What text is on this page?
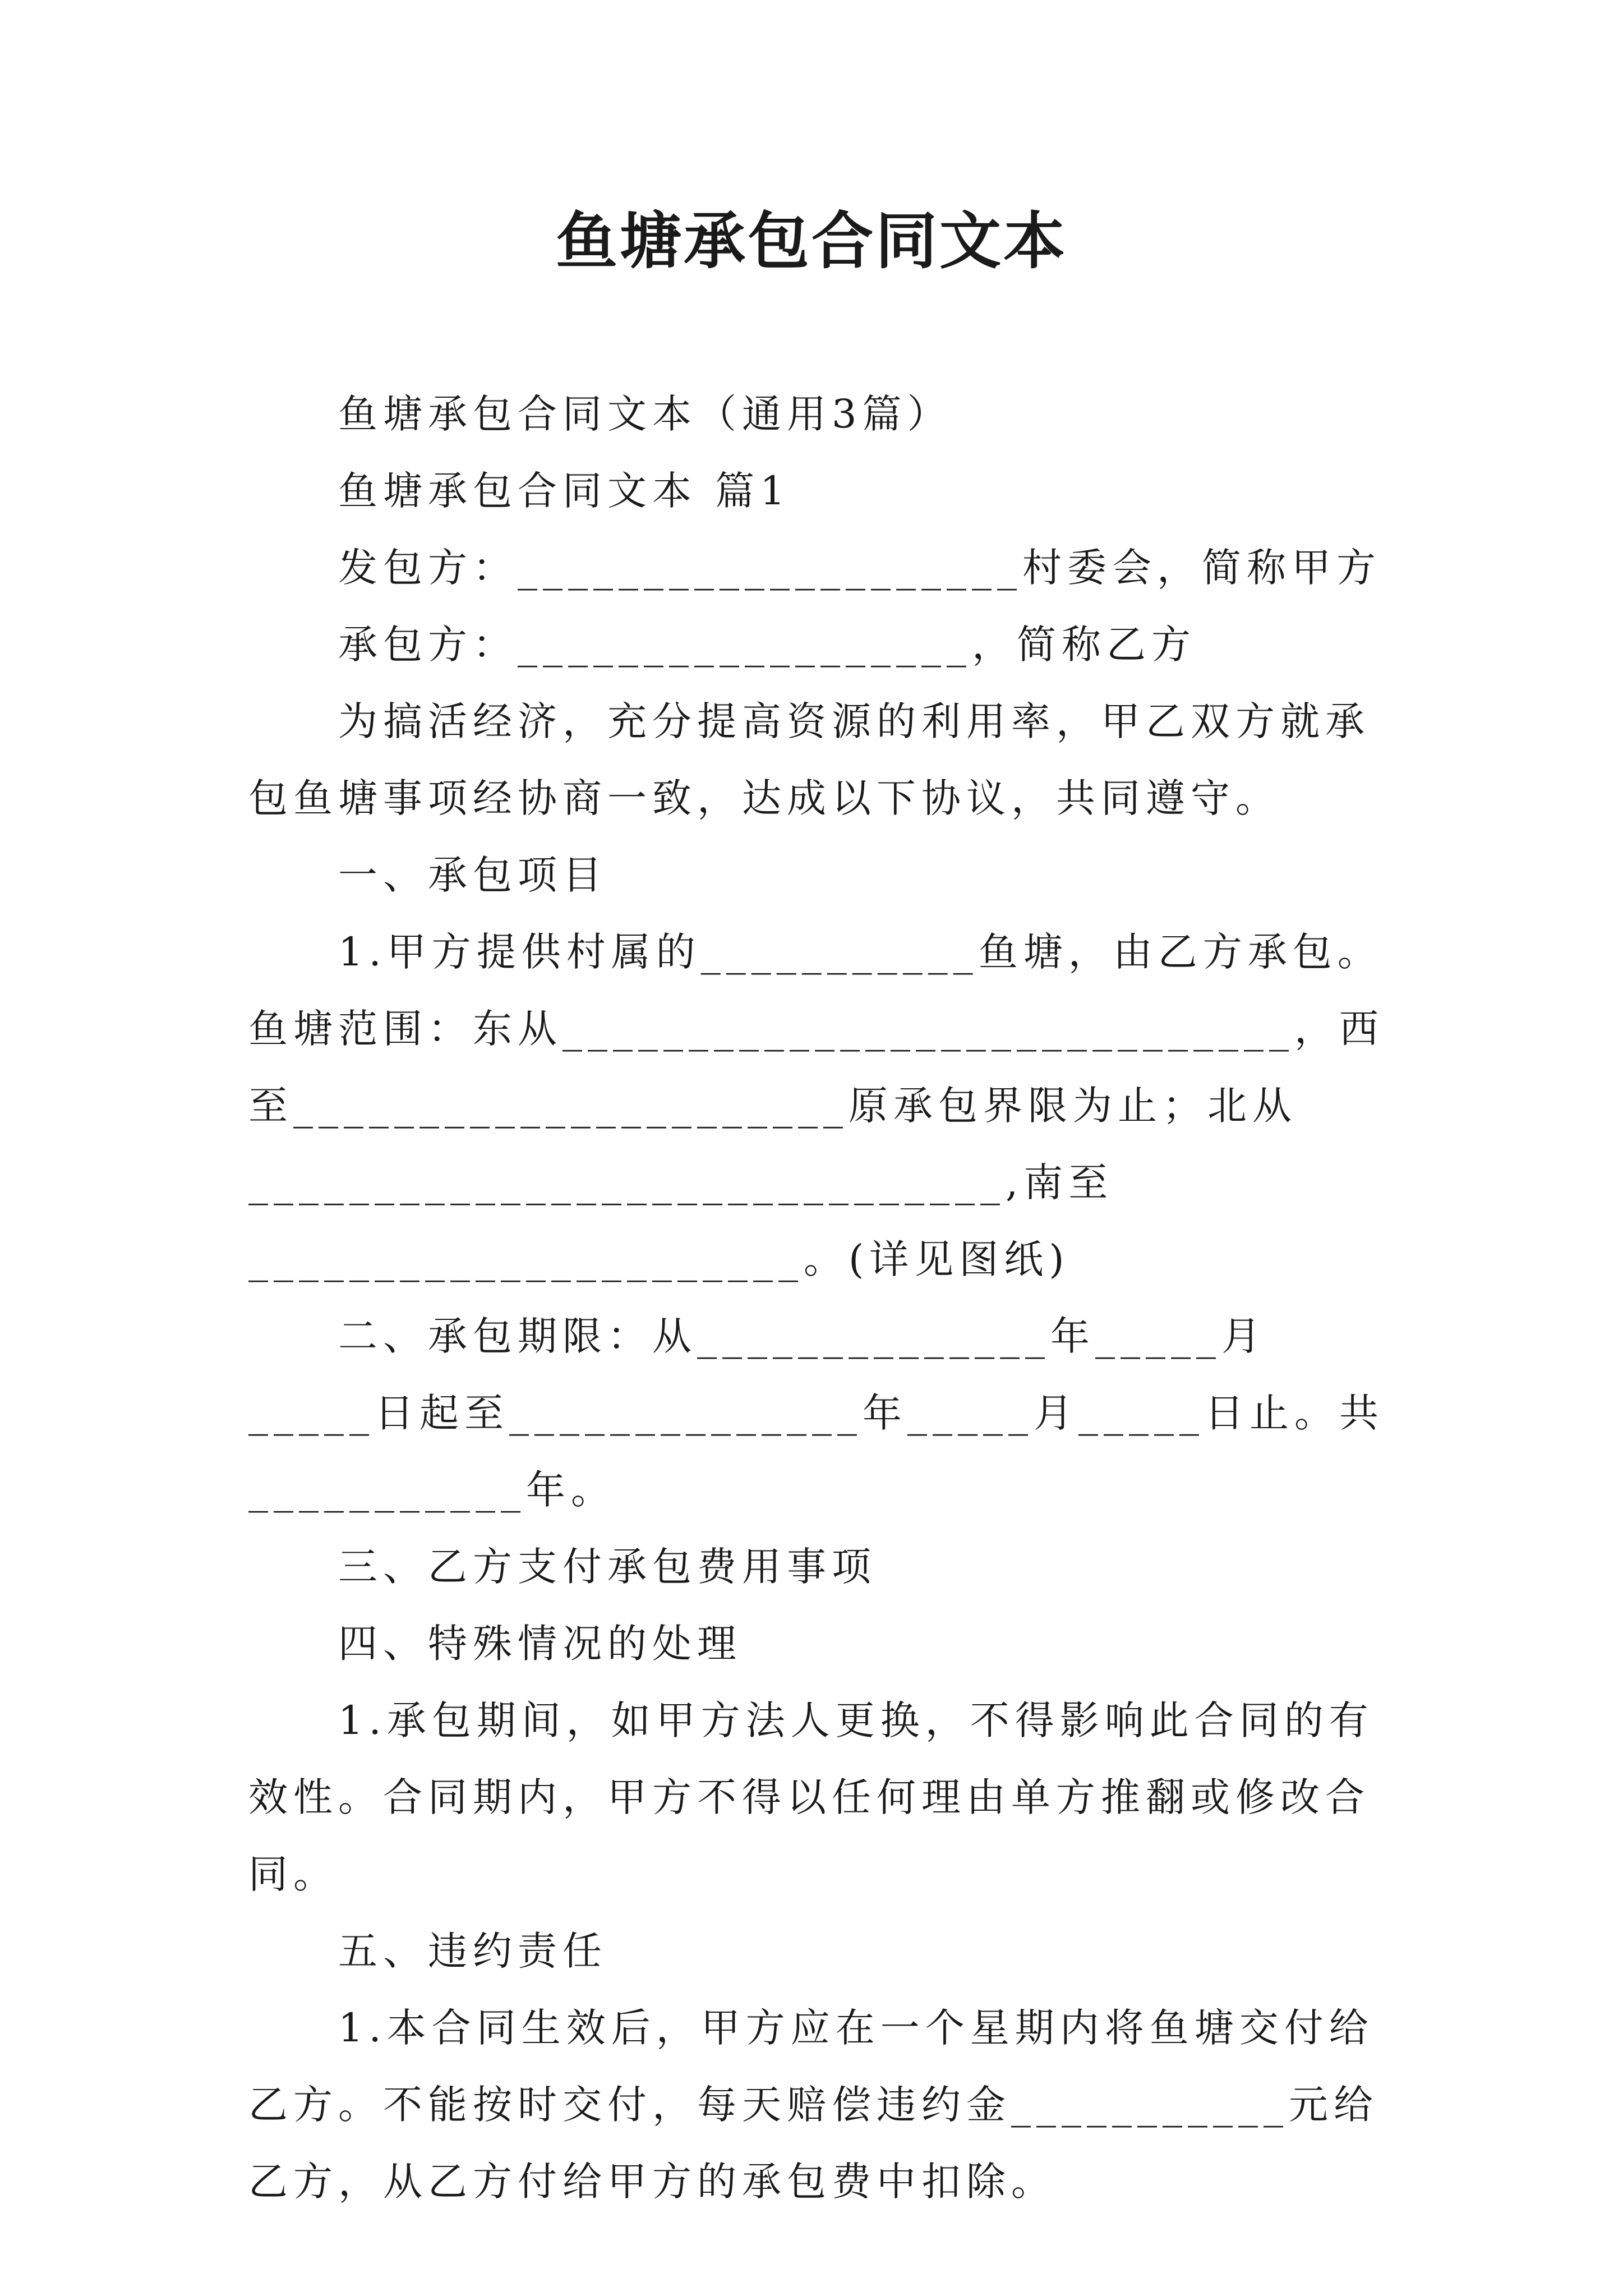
鱼塘承包合同文本

鱼塘承包合同文本（通用3篇）

鱼塘承包合同文本 篇1

发包方：____________________村委会，简称甲方

承包方：__________________，简称乙方

为搞活经济，充分提高资源的利用率，甲乙双方就承包鱼塘事项经协商一致，达成以下协议，共同遵守。

一、承包项目

1.甲方提供村属的___________鱼塘，由乙方承包。鱼塘范围：东从_____________________________，西至______________________原承包界限为止；北从______________________________,南至______________________。(详见图纸)

二、承包期限：从______________年_____月_____日起至______________年_____月_____日止。共___________年。

三、乙方支付承包费用事项

四、特殊情况的处理

1.承包期间，如甲方法人更换，不得影响此合同的有效性。合同期内，甲方不得以任何理由单方推翻或修改合同。

五、违约责任

1.本合同生效后，甲方应在一个星期内将鱼塘交付给乙方。不能按时交付，每天赔偿违约金___________元给乙方，从乙方付给甲方的承包费中扣除。
